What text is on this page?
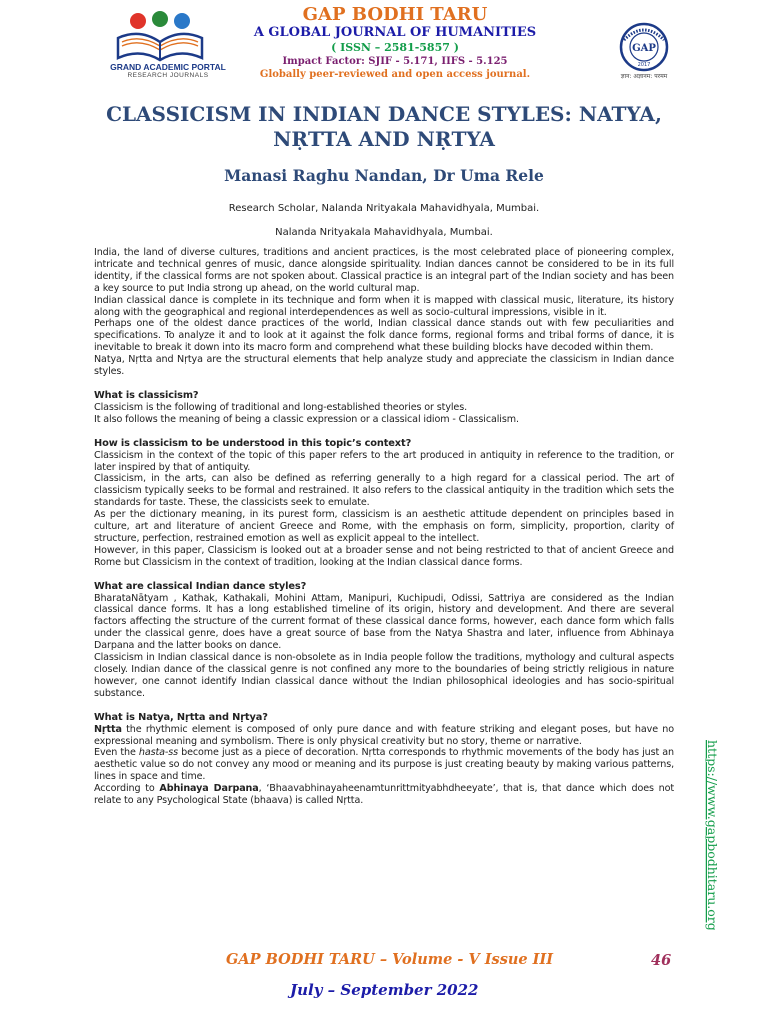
GRAND ACADEMIC PORTAL
RESEARCH JOURNALS
GAP BODHI TARU
A GLOBAL JOURNAL OF HUMANITIES
( ISSN – 2581-5857 )
Impact Factor: SJIF - 5.171, IIFS - 5.125
Globally peer-reviewed and open access journal.
GAP
2017
ज्ञान: अज्ञानम: परमम
CLASSICISM IN INDIAN DANCE STYLES: NATYA, NṚTTA AND NṚTYA
Manasi Raghu Nandan, Dr Uma Rele
Research Scholar, Nalanda Nrityakala Mahavidhyala, Mumbai.
Nalanda Nrityakala Mahavidhyala, Mumbai.

India, the land of diverse cultures, traditions and ancient practices, is the most celebrated place of pioneering complex, intricate and technical genres of music, dance alongside spirituality. Indian dances cannot be considered to be in its full identity, if the classical forms are not spoken about. Classical practice is an integral part of the Indian society and has been a key source to put India strong up ahead, on the world cultural map.

Indian classical dance is complete in its technique and form when it is mapped with classical music, literature, its history along with the geographical and regional interdependences as well as socio-cultural impressions, visible in it.

Perhaps one of the oldest dance practices of the world, Indian classical dance stands out with few peculiarities and specifications. To analyze it and to look at it against the folk dance forms, regional forms and tribal forms of dance, it is inevitable to break it down into its macro form and comprehend what these building blocks have decoded within them.

Natya, Nṛtta and Nṛtya are the structural elements that help analyze study and appreciate the classicism in Indian dance styles.

What is classicism?

Classicism is the following of traditional and long-established theories or styles.

It also follows the meaning of being a classic expression or a classical idiom - Classicalism.

How is classicism to be understood in this topic’s context?

Classicism in the context of the topic of this paper refers to the art produced in antiquity in reference to the tradition, or later inspired by that of antiquity.

Classicism, in the arts, can also be defined as referring generally to a high regard for a classical period. The art of classicism typically seeks to be formal and restrained. It also refers to the classical antiquity in the tradition which sets the standards for taste. These, the classicists seek to emulate.

As per the dictionary meaning, in its purest form, classicism is an aesthetic attitude dependent on principles based in culture, art and literature of ancient Greece and Rome, with the emphasis on form, simplicity, proportion, clarity of structure, perfection, restrained emotion as well as explicit appeal to the intellect.

However, in this paper, Classicism is looked out at a broader sense and not being restricted to that of ancient Greece and Rome but Classicism in the context of tradition, looking at the Indian classical dance forms.

What are classical Indian dance styles?

BharataNātyam , Kathak, Kathakali, Mohini Attam, Manipuri, Kuchipudi, Odissi, Sattriya are considered as the Indian classical dance forms. It has a long established timeline of its origin, history and development. And there are several factors affecting the structure of the current format of these classical dance forms, however, each dance form which falls under the classical genre, does have a great source of base from the Natya Shastra and later, influence from Abhinaya Darpana and the latter books on dance.

Classicism in Indian classical dance is non-obsolete as in India people follow the traditions, mythology and cultural aspects closely. Indian dance of the classical genre is not confined any more to the boundaries of being strictly religious in nature however, one cannot identify Indian classical dance without the Indian philosophical ideologies and has socio-spiritual substance.

What is Natya, Nṛtta and Nṛtya?

Nṛtta the rhythmic element is composed of only pure dance and with feature striking and elegant poses, but have no expressional meaning and symbolism. There is only physical creativity but no story, theme or narrative.

Even the hasta-ss become just as a piece of decoration. Nṛtta corresponds to rhythmic movements of the body has just an aesthetic value so do not convey any mood or meaning and its purpose is just creating beauty by making various patterns, lines in space and time.

According to Abhinaya Darpana, ‘Bhaavabhinayaheenamtunrittmityabhdheeyate’, that is, that dance which does not relate to any Psychological State (bhaava) is called Nṛtta.	https://www.gapbodhitaru.org/
GAP BODHI TARU – Volume - V Issue III	46
July – September 2022
